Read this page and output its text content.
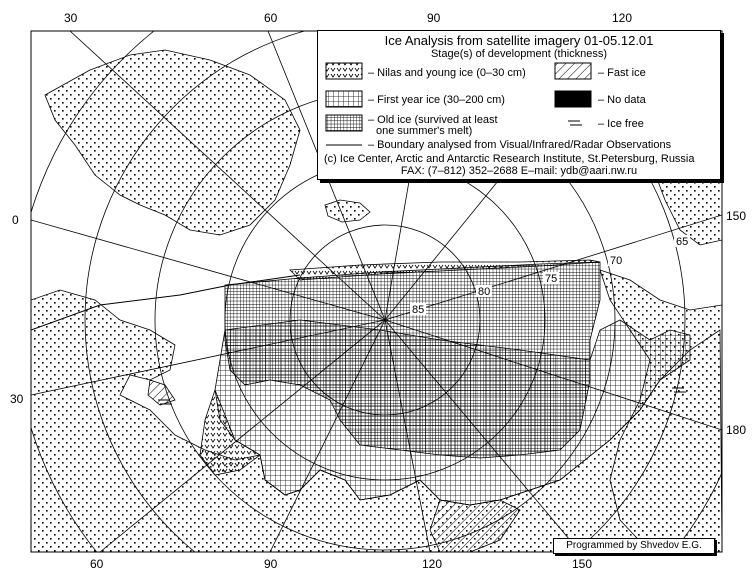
85
80
75
70
65
30	60	90	120
60	90	120	150
0
30
150
180
Ice Analysis from satellite imagery 01-05.12.01
Stage(s) of development (thickness)
– Nilas and young ice (0–30 cm)	– Fast ice
– First year ice (30–200 cm)	– No data
– Old ice (survived at least
one summer's melt)
– Ice free
– Boundary analysed from Visual/Infrared/Radar Observations
(c) Ice Center, Arctic and Antarctic Research Institute, St.Petersburg, Russia
FAX: (7–812) 352–2688 E–mail: ydb@aari.nw.ru
Programmed by Shvedov E.G.
